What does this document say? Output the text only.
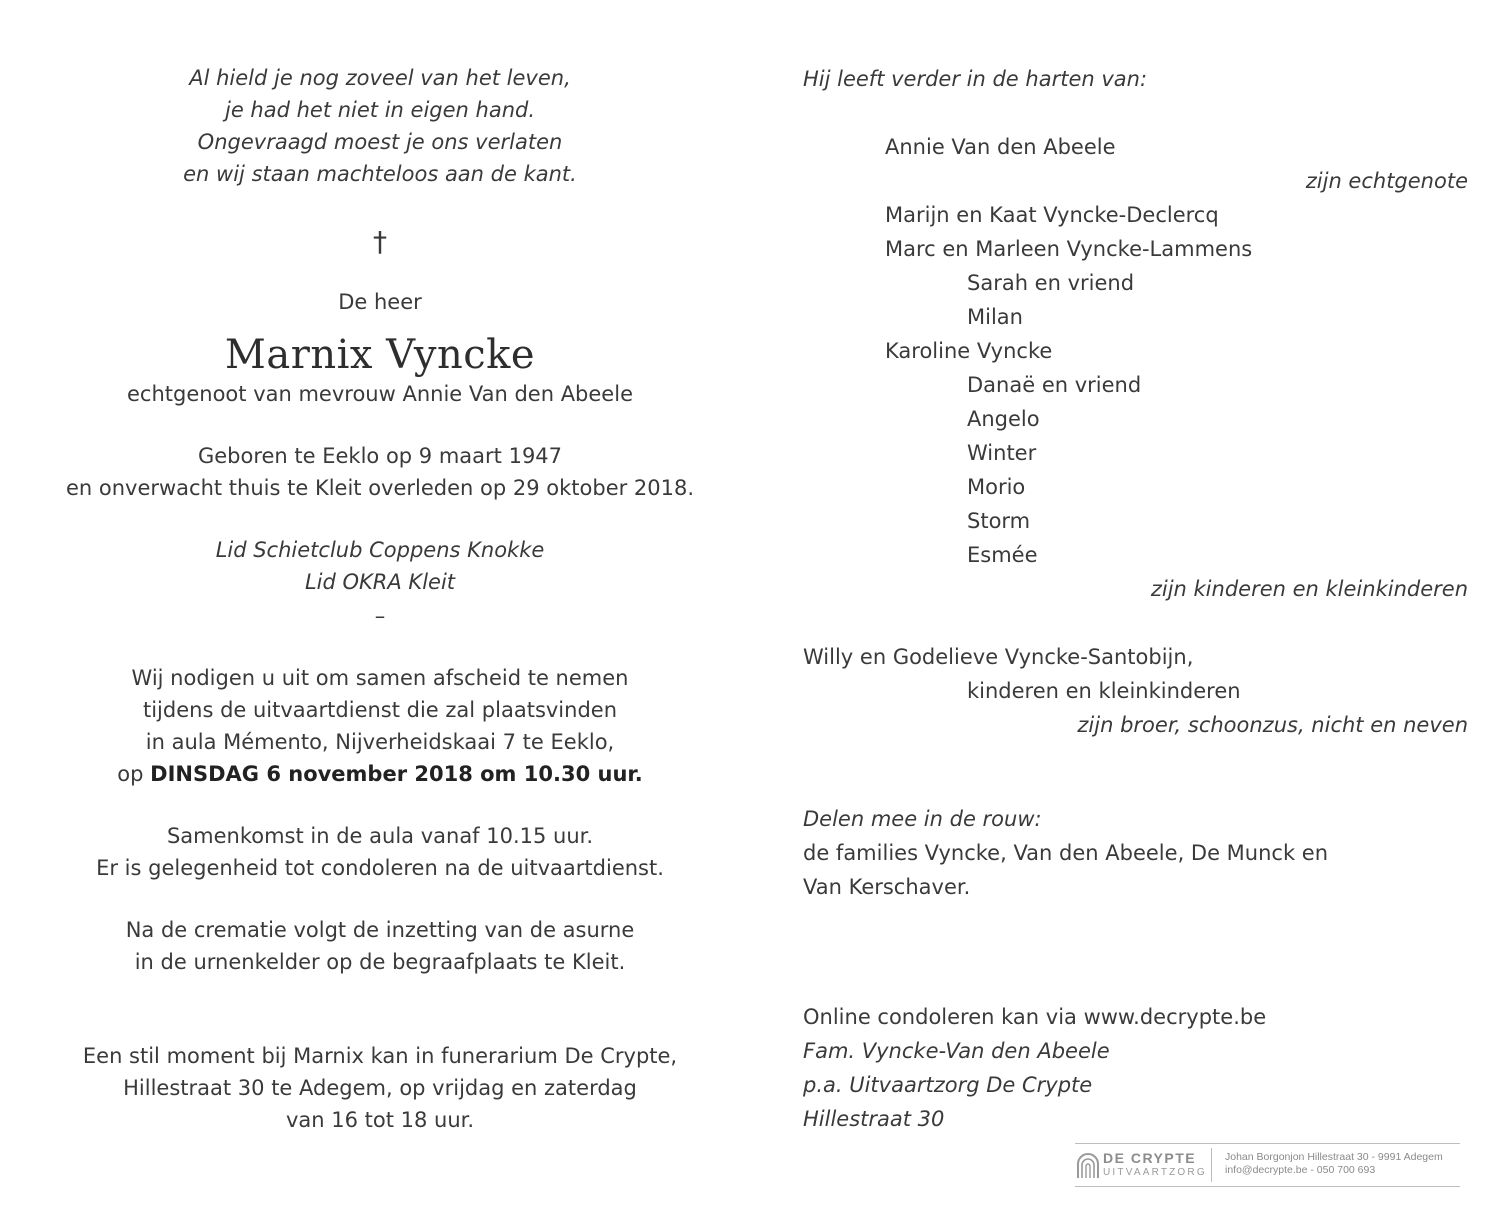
Al hield je nog zoveel van het leven,
je had het niet in eigen hand.
Ongevraagd moest je ons verlaten
en wij staan machteloos aan de kant.
†
De heer
Marnix Vyncke
echtgenoot van mevrouw Annie Van den Abeele
Geboren te Eeklo op 9 maart 1947
en onverwacht thuis te Kleit overleden op 29 oktober 2018.
Lid Schietclub Coppens Knokke
Lid OKRA Kleit
–
Wij nodigen u uit om samen afscheid te nemen
tijdens de uitvaartdienst die zal plaatsvinden
in aula Mémento, Nijverheidskaai 7 te Eeklo,
op DINSDAG 6 november 2018 om 10.30 uur.
Samenkomst in de aula vanaf 10.15 uur.
Er is gelegenheid tot condoleren na de uitvaartdienst.
Na de crematie volgt de inzetting van de asurne
in de urnenkelder op de begraafplaats te Kleit.
Een stil moment bij Marnix kan in funerarium De Crypte,
Hillestraat 30 te Adegem, op vrijdag en zaterdag
van 16 tot 18 uur.
Hij leeft verder in de harten van:
Annie Van den Abeele
zijn echtgenote
Marijn en Kaat Vyncke-Declercq
Marc en Marleen Vyncke-Lammens
Sarah en vriend
Milan
Karoline Vyncke
Danaë en vriend
Angelo
Winter
Morio
Storm
Esmée
zijn kinderen en kleinkinderen
Willy en Godelieve Vyncke-Santobijn,
kinderen en kleinkinderen
zijn broer, schoonzus, nicht en neven
Delen mee in de rouw:
de families Vyncke, Van den Abeele, De Munck en
Van Kerschaver.
Online condoleren kan via www.decrypte.be
Fam. Vyncke-Van den Abeele
p.a. Uitvaartzorg De Crypte
Hillestraat 30
DE CRYPTE
UITVAARTZORG
Johan Borgonjon Hillestraat 30 - 9991 Adegem
info@decrypte.be - 050 700 693
